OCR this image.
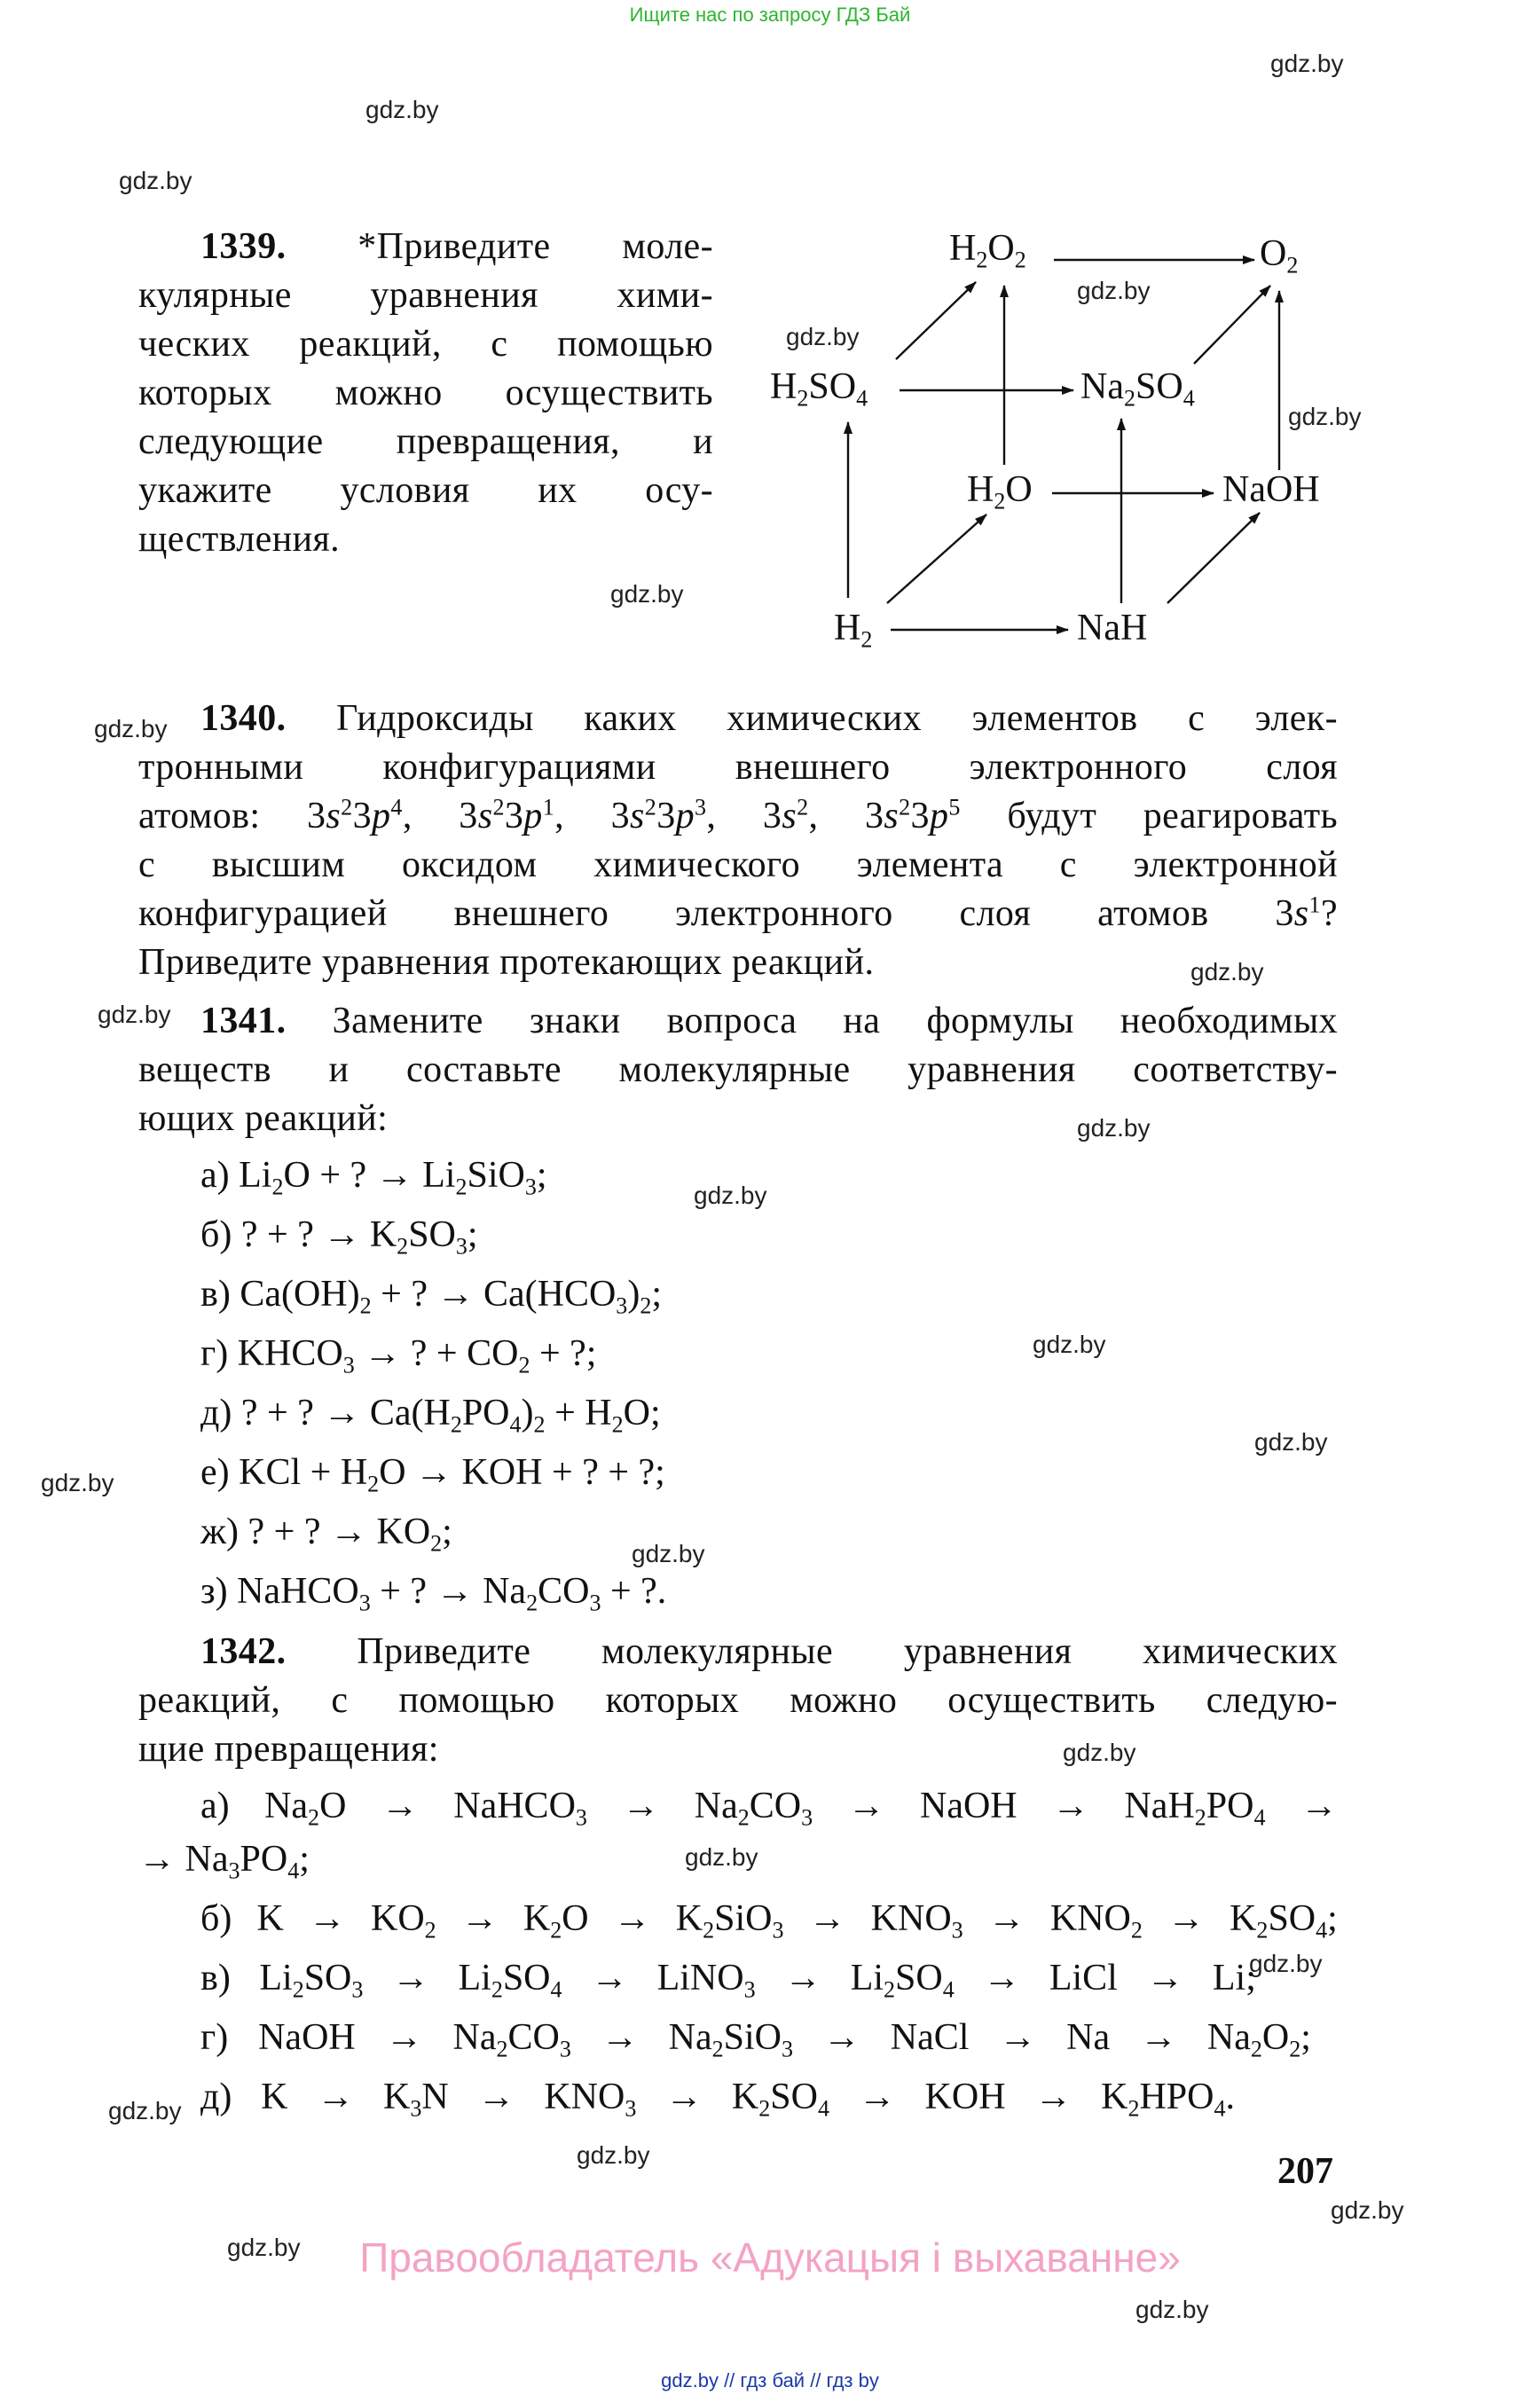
Ищите нас по запросу ГДЗ Бай
gdz.by
gdz.by
gdz.by
gdz.by
gdz.by
gdz.by
gdz.by
gdz.by
gdz.by
gdz.by
gdz.by
gdz.by
gdz.by
gdz.by
gdz.by
gdz.by
gdz.by
gdz.by
gdz.by
gdz.by
gdz.by
gdz.by
gdz.by
gdz.by
1339. *Приведите моле-
кулярные уравнения хими-
ческих реакций, с помощью
которых можно осуществить
следующие превращения, и
укажите условия их осу-
ществления.
$H_2O_2$	$O_2$
$H_2SO_4$	$Na_2SO_4$
$H_2O$	NaOH
$H_2$	NaH
1340. Гидроксиды каких химических элементов с элек-
тронными конфигурациями внешнего электронного слоя
атомов: $3s^23p^4$, $3s^23p^1$, $3s^23p^3$, $3s^2$, $3s^23p^5$ будут реагировать
с высшим оксидом химического элемента с электронной
конфигурацией внешнего электронного слоя атомов $3s^1$?
Приведите уравнения протекающих реакций.
1341. Замените знаки вопроса на формулы необходимых
веществ и составьте молекулярные уравнения соответству-
ющих реакций:
а) $Li_2O$ + ? → $Li_2SiO_3$;
б) ? + ? → $K_2SO_3$;
в) $Ca(OH)_2$ + ? → $Ca(HCO_3)_2$;
г) $KHCO_3$ → ? + $CO_2$ + ?;
д) ? + ? → $Ca(H_2PO_4)_2 + H_2O$;
е) KCl + $H_2O$ → KOH + ? + ?;
ж) ? + ? → $KO_2$;
з) NaHCO$_3$ + ? → $Na_2CO_3$ + ?.
1342. Приведите молекулярные уравнения химических
реакций, с помощью которых можно осуществить следую-
щие превращения:
а) $Na_2O$ → NaHCO$_3$ → $Na_2CO_3$ → NaOH → $NaH_2PO_4$ →
→ $Na_3PO_4$;
б) $K \to KO_2 \to K_2O \to K_2SiO_3 \to KNO_3 \to KNO_2 \to K_2SO_4$;
в) $Li_2SO_3 \to Li_2SO_4$ → LiNO$_3$ → $Li_2SO_4$ → LiCl → Li;
г) NaOH → $Na_2CO_3 \to Na_2SiO_3$ → NaCl → $Na \to Na_2O_2$;
д) $K \to K_3N \to KNO_3 \to K_2SO_4$ → KOH → $K_2HPO_4$.
207
Правообладатель «Адукацыя і выхаванне»
gdz.by // гдз бай // гдз by
